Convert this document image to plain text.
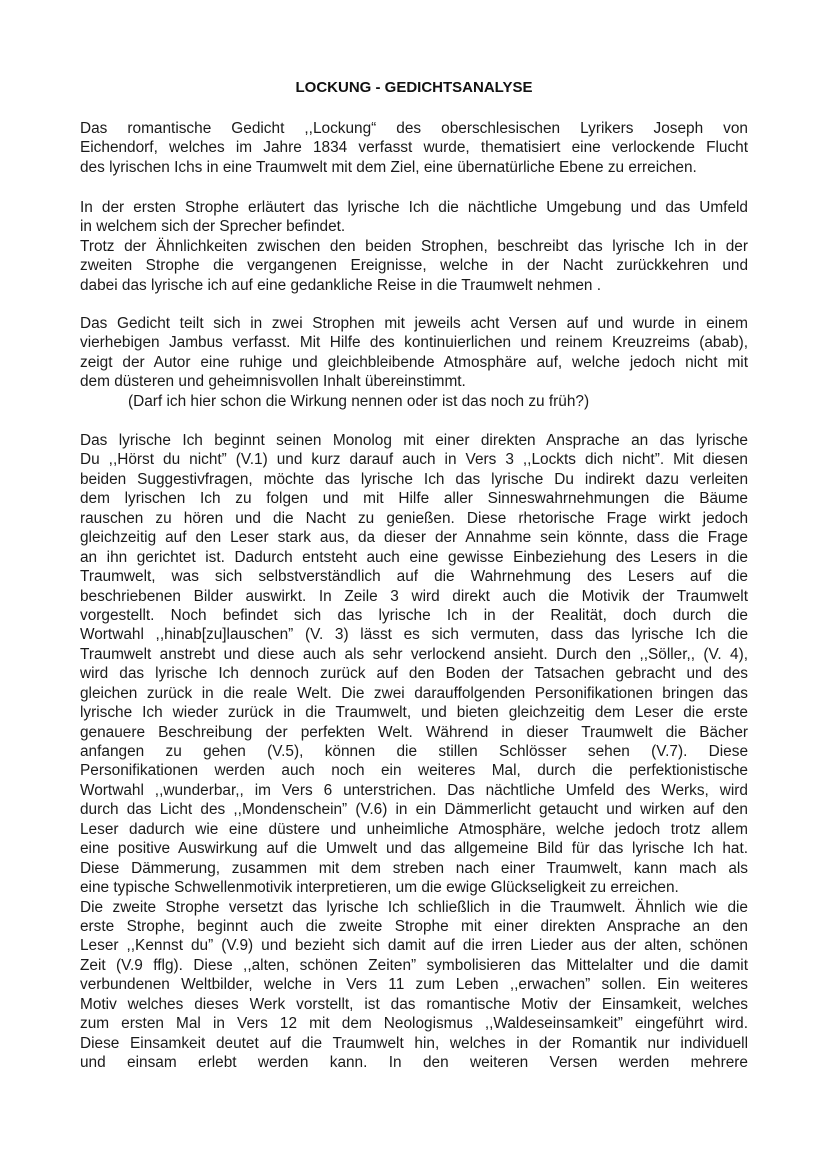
LOCKUNG - GEDICHTSANALYSE
Das romantische Gedicht ,,Lockung“ des oberschlesischen Lyrikers Joseph von
Eichendorf, welches im Jahre 1834 verfasst wurde, thematisiert eine verlockende Flucht
des lyrischen Ichs in eine Traumwelt mit dem Ziel, eine übernatürliche Ebene zu erreichen.
In der ersten Strophe erläutert das lyrische Ich die nächtliche Umgebung und das Umfeld
in welchem sich der Sprecher befindet.
Trotz der Ähnlichkeiten zwischen den beiden Strophen, beschreibt das lyrische Ich in der
zweiten Strophe die vergangenen Ereignisse, welche in der Nacht zurückkehren und
dabei das lyrische ich auf eine gedankliche Reise in die Traumwelt nehmen .
Das Gedicht teilt sich in zwei Strophen mit jeweils acht Versen auf und wurde in einem
vierhebigen Jambus verfasst. Mit Hilfe des kontinuierlichen und reinem Kreuzreims (abab),
zeigt der Autor eine ruhige und gleichbleibende Atmosphäre auf, welche jedoch nicht mit
dem düsteren und geheimnisvollen Inhalt übereinstimmt.
(Darf ich hier schon die Wirkung nennen oder ist das noch zu früh?)
Das lyrische Ich beginnt seinen Monolog mit einer direkten Ansprache an das lyrische
Du ,,Hörst du nicht” (V.1) und kurz darauf auch in Vers 3 ,,Lockts dich nicht”. Mit diesen
beiden Suggestivfragen, möchte das lyrische Ich das lyrische Du indirekt dazu verleiten
dem lyrischen Ich zu folgen und mit Hilfe aller Sinneswahrnehmungen die Bäume
rauschen zu hören und die Nacht zu genießen. Diese rhetorische Frage wirkt jedoch
gleichzeitig auf den Leser stark aus, da dieser der Annahme sein könnte, dass die Frage
an ihn gerichtet ist. Dadurch entsteht auch eine gewisse Einbeziehung des Lesers in die
Traumwelt, was sich selbstverständlich auf die Wahrnehmung des Lesers auf die
beschriebenen Bilder auswirkt. In Zeile 3 wird direkt auch die Motivik der Traumwelt
vorgestellt. Noch befindet sich das lyrische Ich in der Realität, doch durch die
Wortwahl ,,hinab[zu]lauschen” (V. 3) lässt es sich vermuten, dass das lyrische Ich die
Traumwelt anstrebt und diese auch als sehr verlockend ansieht. Durch den ,,Söller,, (V. 4),
wird das lyrische Ich dennoch zurück auf den Boden der Tatsachen gebracht und des
gleichen zurück in die reale Welt. Die zwei darauffolgenden Personifikationen bringen das
lyrische Ich wieder zurück in die Traumwelt, und bieten gleichzeitig dem Leser die erste
genauere Beschreibung der perfekten Welt. Während in dieser Traumwelt die Bächer
anfangen zu gehen (V.5), können die stillen Schlösser sehen (V.7). Diese
Personifikationen werden auch noch ein weiteres Mal, durch die perfektionistische
Wortwahl ,,wunderbar,, im Vers 6 unterstrichen. Das nächtliche Umfeld des Werks, wird
durch das Licht des ,,Mondenschein” (V.6) in ein Dämmerlicht getaucht und wirken auf den
Leser dadurch wie eine düstere und unheimliche Atmosphäre, welche jedoch trotz allem
eine positive Auswirkung auf die Umwelt und das allgemeine Bild für das lyrische Ich hat.
Diese Dämmerung, zusammen mit dem streben nach einer Traumwelt, kann mach als
eine typische Schwellenmotivik interpretieren, um die ewige Glückseligkeit zu erreichen.
Die zweite Strophe versetzt das lyrische Ich schließlich in die Traumwelt. Ähnlich wie die
erste Strophe, beginnt auch die zweite Strophe mit einer direkten Ansprache an den
Leser ,,Kennst du” (V.9) und bezieht sich damit auf die irren Lieder aus der alten, schönen
Zeit (V.9 fflg). Diese ,,alten, schönen Zeiten” symbolisieren das Mittelalter und die damit
verbundenen Weltbilder, welche in Vers 11 zum Leben ,,erwachen” sollen. Ein weiteres
Motiv welches dieses Werk vorstellt, ist das romantische Motiv der Einsamkeit, welches
zum ersten Mal in Vers 12 mit dem Neologismus ,,Waldeseinsamkeit” eingeführt wird.
Diese Einsamkeit deutet auf die Traumwelt hin, welches in der Romantik nur individuell
und einsam erlebt werden kann. In den weiteren Versen werden mehrere
